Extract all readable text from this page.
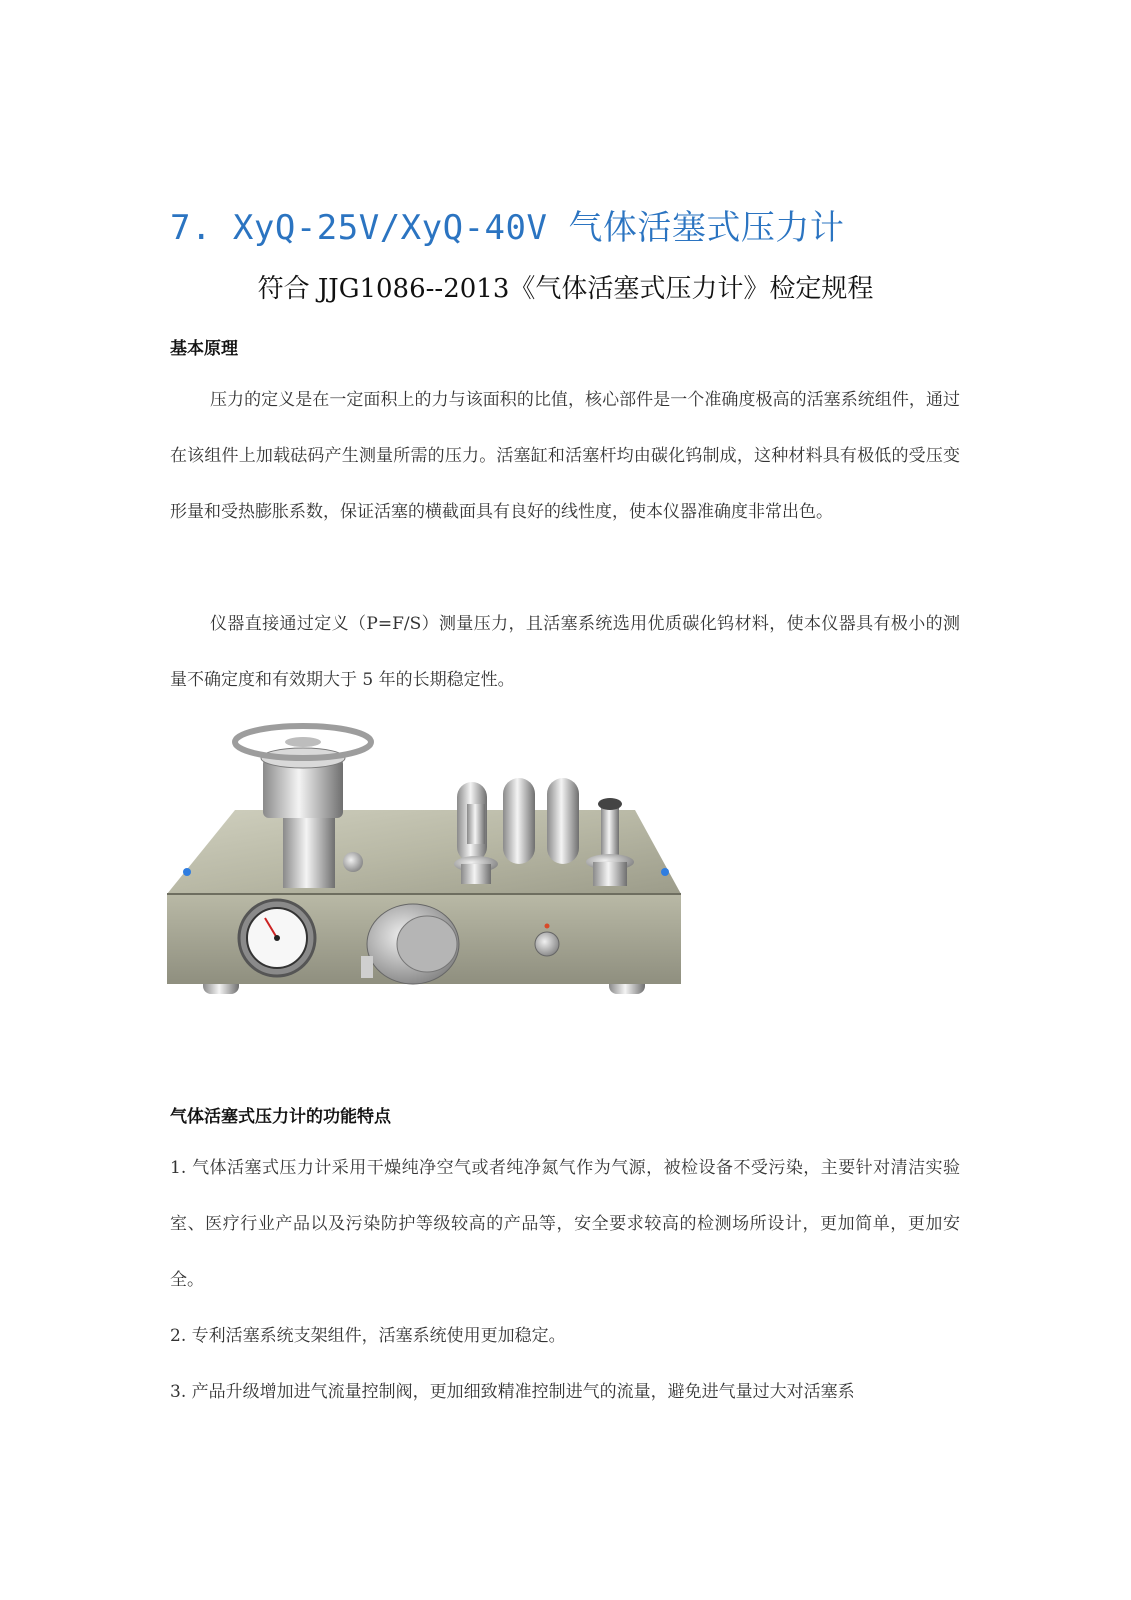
7. XyQ-25V/XyQ-40V 气体活塞式压力计
符合 JJG1086--2013《气体活塞式压力计》检定规程
基本原理
压力的定义是在一定面积上的力与该面积的比值，核心部件是一个准确度极高的活塞系统组件，通过在该组件上加载砝码产生测量所需的压力。活塞缸和活塞杆均由碳化钨制成，这种材料具有极低的受压变形量和受热膨胀系数，保证活塞的横截面具有良好的线性度，使本仪器准确度非常出色。
仪器直接通过定义（P=F/S）测量压力，且活塞系统选用优质碳化钨材料，使本仪器具有极小的测量不确定度和有效期大于 5 年的长期稳定性。
气体活塞式压力计的功能特点
1. 气体活塞式压力计采用干燥纯净空气或者纯净氮气作为气源，被检设备不受污染，主要针对清洁实验室、医疗行业产品以及污染防护等级较高的产品等，安全要求较高的检测场所设计，更加简单，更加安全。
2. 专利活塞系统支架组件，活塞系统使用更加稳定。
3. 产品升级增加进气流量控制阀，更加细致精准控制进气的流量，避免进气量过大对活塞系
